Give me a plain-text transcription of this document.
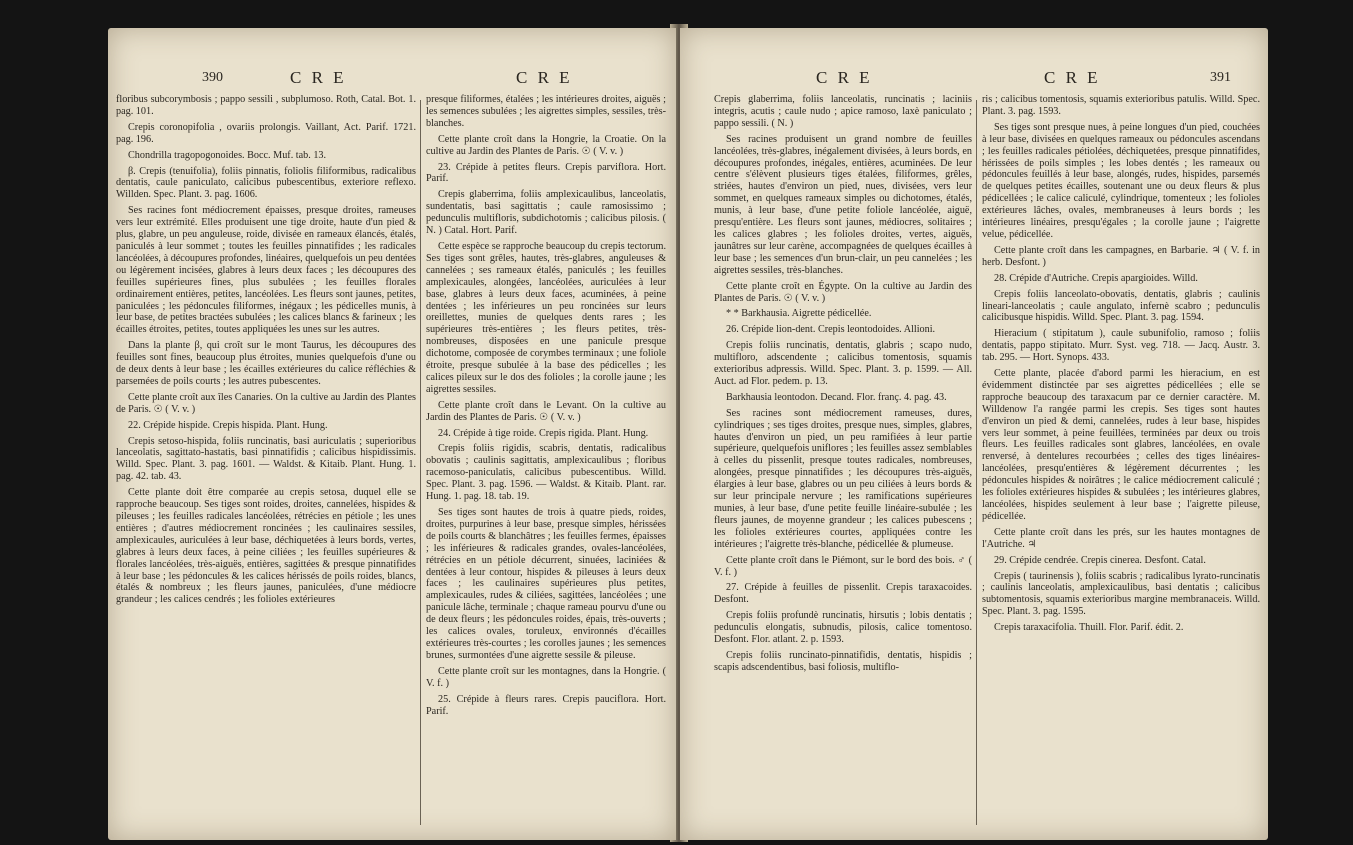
390	C R E	C R E

floribus subcorymbosis ; pappo sessili , subplumoso. Roth, Catal. Bot. 1. pag. 101.

Crepis coronopifolia , ovariis prolongis. Vaillant, Act. Parif. 1721. pag. 196.

Chondrilla tragopogonoides. Bocc. Muf. tab. 13.

β. Crepis (tenuifolia), foliis pinnatis, foliolis filiformibus, radicalibus dentatis, caule paniculato, calicibus pubescentibus, exteriore reflexo. Willden. Spec. Plant. 3. pag. 1606.

Ses racines font médiocrement épaisses, presque droites, rameuses vers leur extrémité. Elles produisent une tige droite, haute d'un pied & plus, glabre, un peu anguleuse, roide, divisée en rameaux élancés, étalés, paniculés à leur sommet ; toutes les feuilles pinnatifides ; les radicales lancéolées, à découpures profondes, linéaires, quelquefois un peu dentées ou légèrement incisées, glabres à leurs deux faces ; les découpures des feuilles supérieures fines, plus subulées ; les feuilles florales ordinairement entières, petites, lancéolées. Les fleurs sont jaunes, petites, paniculées ; les pédoncules filiformes, inégaux ; les pédicelles munis, à leur base, de petites bractées subulées ; les calices blancs & farineux ; les écailles étroites, petites, toutes appliquées les unes sur les autres.

Dans la plante β, qui croît sur le mont Taurus, les découpures des feuilles sont fines, beaucoup plus étroites, munies quelquefois d'une ou de deux dents à leur base ; les écailles extérieures du calice réfléchies & parsemées de poils courts ; les autres pubescentes.

Cette plante croît aux îles Canaries. On la cultive au Jardin des Plantes de Paris. ☉ ( V. v. )

22. Crépide hispide. Crepis hispida. Plant. Hung.

Crepis setoso-hispida, foliis runcinatis, basi auriculatis ; superioribus lanceolatis, sagittato-hastatis, basi pinnatifidis ; calicibus hispidissimis. Willd. Spec. Plant. 3. pag. 1601. — Waldst. & Kitaib. Plant. Hung. 1. pag. 42. tab. 43.

Cette plante doit être comparée au crepis setosa, duquel elle se rapproche beaucoup. Ses tiges sont roides, droites, cannelées, hispides & pileuses ; les feuilles radicales lancéolées, rétrécies en pétiole ; les unes entières ; d'autres médiocrement roncinées ; les caulinaires sessiles, amplexicaules, auriculées à leur base, déchiquetées à leurs bords, vertes, glabres à leurs deux faces, à peine ciliées ; les feuilles supérieures & florales lancéolées, très-aiguës, entières, sagittées & presque pinnatifides à leur base ; les pédoncules & les calices hérissés de poils roides, blancs, étalés & nombreux ; les fleurs jaunes, paniculées, d'une médiocre grandeur ; les calices cendrés ; les folioles extérieures

presque filiformes, étalées ; les intérieures droites, aiguës ; les semences subulées ; les aigrettes simples, sessiles, très-blanches.

Cette plante croît dans la Hongrie, la Croatie. On la cultive au Jardin des Plantes de Paris. ☉ ( V. v. )

23. Crépide à petites fleurs. Crepis parviflora. Hort. Parif.

Crepis glaberrima, foliis amplexicaulibus, lanceolatis, sundentatis, basi sagittatis ; caule ramosissimo ; pedunculis multifloris, subdichotomis ; calicibus pilosis. ( N. ) Catal. Hort. Parif.

Cette espèce se rapproche beaucoup du crepis tectorum. Ses tiges sont grêles, hautes, très-glabres, anguleuses & cannelées ; ses rameaux étalés, paniculés ; les feuilles amplexicaules, alongées, lancéolées, auriculées à leur base, glabres à leurs deux faces, acuminées, à peine dentées ; les inférieures un peu roncinées sur leurs oreillettes, munies de quelques dents rares ; les supérieures très-entières ; les fleurs petites, très-nombreuses, disposées en une panicule presque dichotome, composée de corymbes terminaux ; une foliole étroite, presque subulée à la base des pédicelles ; les calices pileux sur le dos des folioles ; la corolle jaune ; les aigrettes sessiles.

Cette plante croît dans le Levant. On la cultive au Jardin des Plantes de Paris. ☉ ( V. v. )

24. Crépide à tige roide. Crepis rigida. Plant. Hung.

Crepis foliis rigidis, scabris, dentatis, radicalibus obovatis ; caulinis sagittatis, amplexicaulibus ; floribus racemoso-paniculatis, calicibus pubescentibus. Willd. Spec. Plant. 3. pag. 1596. — Waldst. & Kitaib. Plant. rar. Hung. 1. pag. 18. tab. 19.

Ses tiges sont hautes de trois à quatre pieds, roides, droites, purpurines à leur base, presque simples, hérissées de poils courts & blanchâtres ; les feuilles fermes, épaisses ; les inférieures & radicales grandes, ovales-lancéolées, rétrécies en un pétiole décurrent, sinuées, laciniées & dentées à leur contour, hispides & pileuses à leurs deux faces ; les caulinaires supérieures plus petites, amplexicaules, rudes & ciliées, sagittées, lancéolées ; une panicule lâche, terminale ; chaque rameau pourvu d'une ou de deux fleurs ; les pédoncules roides, épais, très-ouverts ; les calices ovales, toruleux, environnés d'écailles extérieures très-courtes ; les corolles jaunes ; les semences brunes, surmontées d'une aigrette sessile & pileuse.

Cette plante croît sur les montagnes, dans la Hongrie. ( V. f. )

25. Crépide à fleurs rares. Crepis pauciflora. Hort. Parif.

C R E	C R E	391

Crepis glaberrima, foliis lanceolatis, runcinatis ; laciniis integris, acutis ; caule nudo ; apice ramoso, laxè paniculato ; pappo sessili. ( N. )

Ses racines produisent un grand nombre de feuilles lancéolées, très-glabres, inégalement divisées, à leurs bords, en découpures profondes, inégales, entières, acuminées. De leur centre s'élèvent plusieurs tiges étalées, filiformes, grêles, striées, hautes d'environ un pied, nues, divisées, vers leur sommet, en quelques rameaux simples ou dichotomes, étalés, munis, à leur base, d'une petite foliole lancéolée, aiguë, presqu'entière. Les fleurs sont jaunes, médiocres, solitaires ; les calices glabres ; les folioles droites, vertes, aiguës, jaunâtres sur leur carène, accompagnées de quelques écailles à leur base ; les semences d'un brun-clair, un peu cannelées ; les aigrettes sessiles, très-blanches.

Cette plante croît en Égypte. On la cultive au Jardin des Plantes de Paris. ☉ ( V. v. )

* * Barkhausia. Aigrette pédicellée.

26. Crépide lion-dent. Crepis leontodoides. Allioni.

Crepis foliis runcinatis, dentatis, glabris ; scapo nudo, multifloro, adscendente ; calicibus tomentosis, squamis exterioribus adpressis. Willd. Spec. Plant. 3. p. 1599. — All. Auct. ad Flor. pedem. p. 13.

Barkhausia leontodon. Decand. Flor. franç. 4. pag. 43.

Ses racines sont médiocrement rameuses, dures, cylindriques ; ses tiges droites, presque nues, simples, glabres, hautes d'environ un pied, un peu ramifiées à leur partie supérieure, quelquefois uniflores ; les feuilles assez semblables à celles du pissenlit, presque toutes radicales, nombreuses, alongées, presque pinnatifides ; les découpures très-aiguës, élargies à leur base, glabres ou un peu ciliées à leurs bords & sur leur principale nervure ; les ramifications supérieures munies, à leur base, d'une petite feuille linéaire-subulée ; les fleurs jaunes, de moyenne grandeur ; les calices pubescens ; les folioles extérieures courtes, appliquées contre les intérieures ; l'aigrette très-blanche, pédicellée & plumeuse.

Cette plante croît dans le Piémont, sur le bord des bois. ♂ ( V. f. )

27. Crépide à feuilles de pissenlit. Crepis taraxacoides. Desfont.

Crepis foliis profundè runcinatis, hirsutis ; lobis dentatis ; pedunculis elongatis, subnudis, pilosis, calice tomentoso. Desfont. Flor. atlant. 2. p. 1593.

Crepis foliis runcinato-pinnatifidis, dentatis, hispidis ; scapis adscendentibus, basi foliosis, multiflo-

ris ; calicibus tomentosis, squamis exterioribus patulis. Willd. Spec. Plant. 3. pag. 1593.

Ses tiges sont presque nues, à peine longues d'un pied, couchées à leur base, divisées en quelques rameaux ou pédoncules ascendans ; les feuilles radicales pétiolées, déchiquetées, presque pinnatifides, hérissées de poils simples ; les lobes dentés ; les rameaux ou pédoncules feuillés à leur base, alongés, rudes, hispides, parsemés de quelques petites écailles, soutenant une ou deux fleurs & plus pédicellées ; le calice caliculé, cylindrique, tomenteux ; les folioles extérieures lâches, ovales, membraneuses à leurs bords ; les intérieures linéaires, presqu'égales ; la corolle jaune ; l'aigrette velue, pédicellée.

Cette plante croît dans les campagnes, en Barbarie. ♃ ( V. f. in herb. Desfont. )

28. Crépide d'Autriche. Crepis apargioides. Willd.

Crepis foliis lanceolato-obovatis, dentatis, glabris ; caulinis lineari-lanceolatis ; caule angulato, infernè scabro ; pedunculis calicibusque hispidis. Willd. Spec. Plant. 3. pag. 1594.

Hieracium ( stipitatum ), caule subunifolio, ramoso ; foliis dentatis, pappo stipitato. Murr. Syst. veg. 718. — Jacq. Austr. 3. tab. 295. — Hort. Synops. 433.

Cette plante, placée d'abord parmi les hieracium, en est évidemment distinctée par ses aigrettes pédicellées ; elle se rapproche beaucoup des taraxacum par ce dernier caractère. M. Willdenow l'a rangée parmi les crepis. Ses tiges sont hautes d'environ un pied & demi, cannelées, rudes à leur base, hispides vers leur sommet, à peine feuillées, terminées par deux ou trois fleurs. Les feuilles radicales sont glabres, lancéolées, en ovale renversé, à dentelures recourbées ; celles des tiges linéaires-lancéolées, presqu'entières & légèrement décurrentes ; les pédoncules hispides & noirâtres ; le calice médiocrement caliculé ; les folioles extérieures hispides & subulées ; les intérieures glabres, lancéolées, hispides seulement à leur base ; l'aigrette pileuse, pédicellée.

Cette plante croît dans les prés, sur les hautes montagnes de l'Autriche. ♃

29. Crépide cendrée. Crepis cinerea. Desfont. Catal.

Crepis ( taurinensis ), foliis scabris ; radicalibus lyrato-runcinatis ; caulinis lanceolatis, amplexicaulibus, basi dentatis ; calicibus subtomentosis, squamis exterioribus margine membranaceis. Willd. Spec. Plant. 3. pag. 1595.

Crepis taraxacifolia. Thuill. Flor. Parif. édit. 2.
